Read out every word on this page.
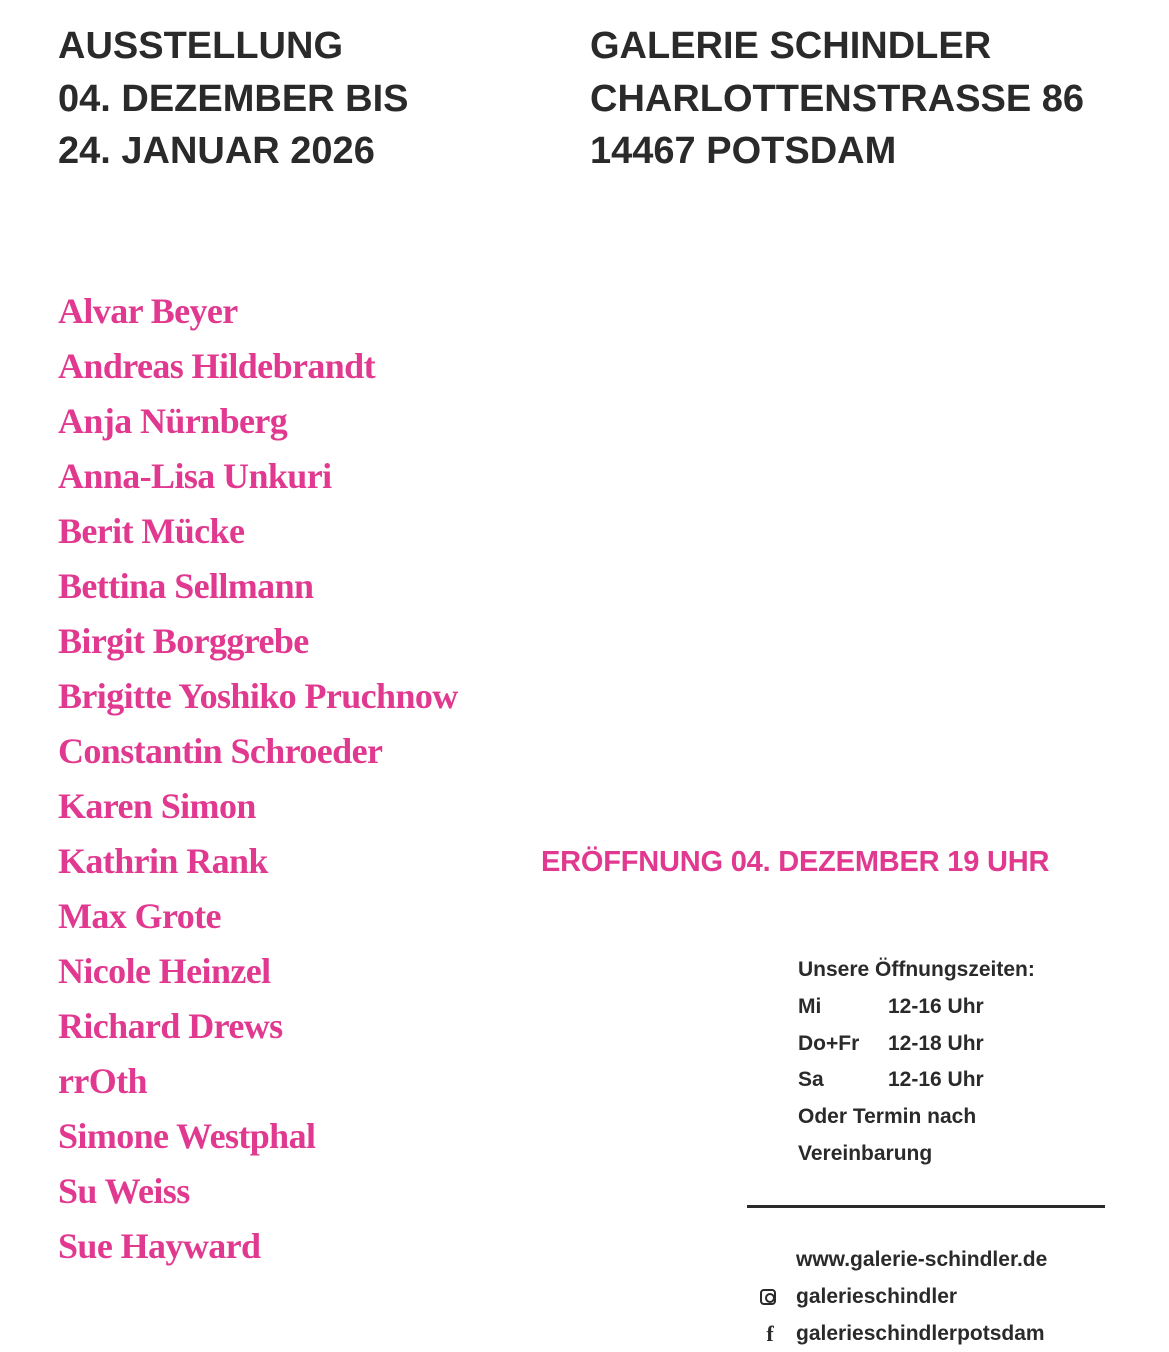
AUSSTELLUNG
04. DEZEMBER BIS
24. JANUAR 2026
GALERIE SCHINDLER
CHARLOTTENSTRASSE 86
14467 POTSDAM
Alvar Beyer
Andreas Hildebrandt
Anja Nürnberg
Anna-Lisa Unkuri
Berit Mücke
Bettina Sellmann
Birgit Borggrebe
Brigitte Yoshiko Pruchnow
Constantin Schroeder
Karen Simon
Kathrin Rank
Max Grote
Nicole Heinzel
Richard Drews
rrOth
Simone Westphal
Su Weiss
Sue Hayward
ERÖFFNUNG 04. DEZEMBER 19 UHR
Unsere Öffnungszeiten:
Mi	12-16 Uhr
Do+Fr	12-18 Uhr
Sa	12-16 Uhr
Oder Termin nach
Vereinbarung
www.galerie-schindler.de
galerieschindler
f galerieschindlerpotsdam
